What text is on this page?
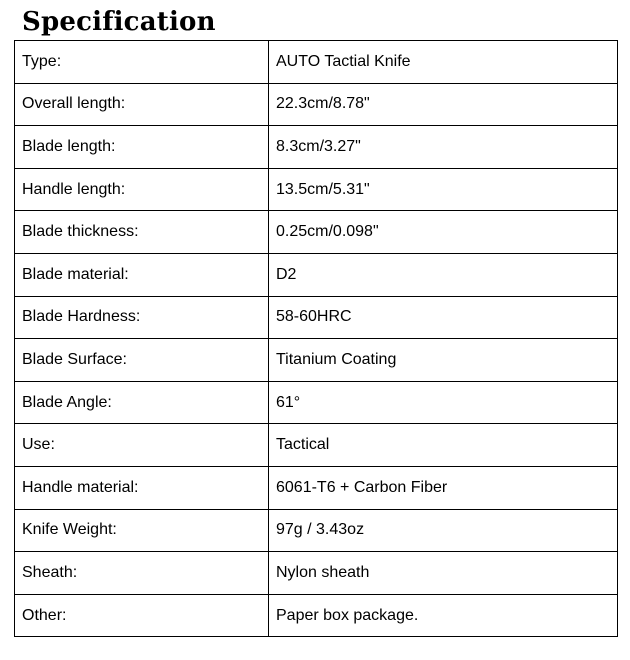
Specification
Type:	AUTO Tactial Knife
Overall length:	22.3cm/8.78"
Blade length:	8.3cm/3.27"
Handle length:	13.5cm/5.31"
Blade thickness:	0.25cm/0.098"
Blade material:	D2
Blade Hardness:	58-60HRC
Blade Surface:	Titanium Coating
Blade Angle:	61°
Use:	Tactical
Handle material:	6061-T6 + Carbon Fiber
Knife Weight:	97g / 3.43oz
Sheath:	Nylon sheath
Other:	Paper box package.
